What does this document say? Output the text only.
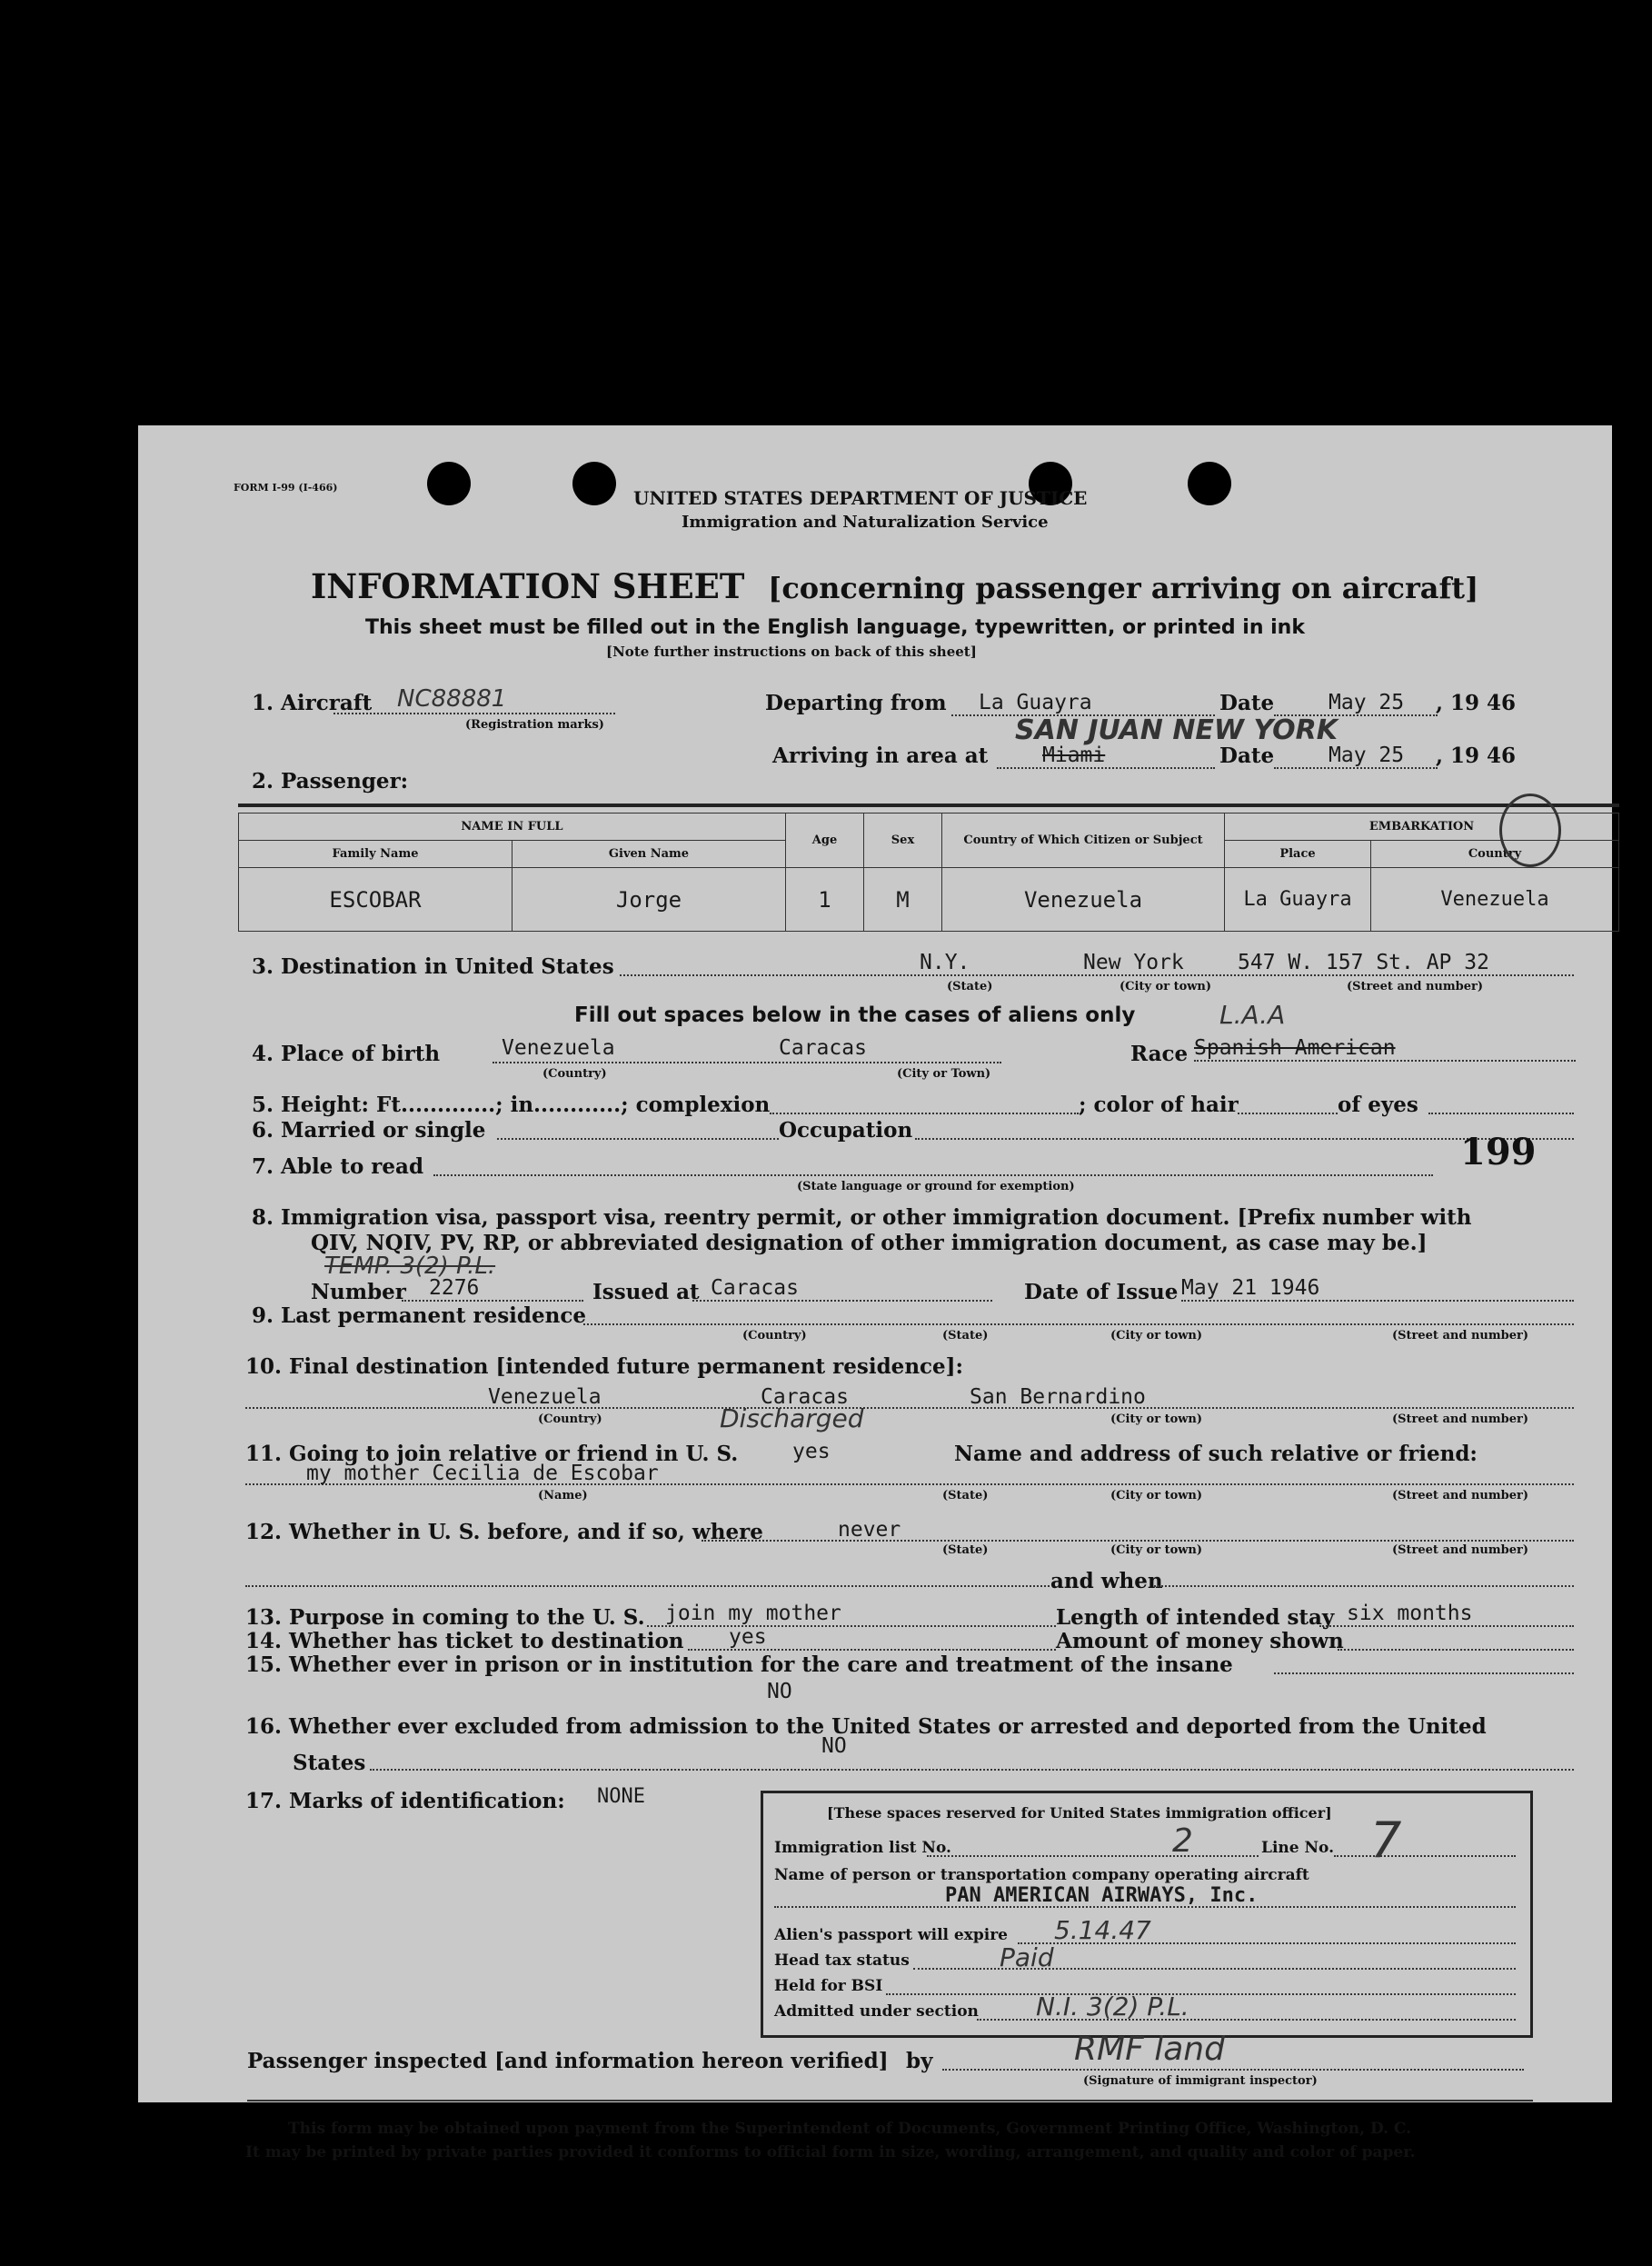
FORM I-99 (I-466)	UNITED STATES DEPARTMENT OF JUSTICE
Immigration and Naturalization Service
INFORMATION SHEET [concerning passenger arriving on aircraft]
This sheet must be filled out in the English language, typewritten, or printed in ink
[Note further instructions on back of this sheet]
1. Aircraft	NC88881
(Registration marks)
Departing from	La Guayra	Date	May 25	, 19 46
SAN JUAN NEW YORK
Arriving in area at	Miami	Date	May 25	, 19 46
2. Passenger:
NAME IN FULL		Age	Sex	Country of Which Citizen or Subject	EMBARKATION	
Family Name	Given Name				Place	Country
ESCOBAR	Jorge	1	M	Venezuela	La Guayra	Venezuela
3. Destination in United States	N.Y.	New York	547 W. 157 St. AP 32
(State)	(City or town)	(Street and number)
Fill out spaces below in the cases of aliens only	L.A.A
4. Place of birth	Venezuela	Caracas
(Country)	(City or Town)
Race Spanish American
5. Height: Ft.............; in............; complexion	; color of hair	of eyes
6. Married or single	Occupation
7. Able to read
(State language or ground for exemption)
199
8. Immigration visa, passport visa, reentry permit, or other immigration document. [Prefix number with
QIV, NQIV, PV, RP, or abbreviated designation of other immigration document, as case may be.]
TEMP. 3(2) P.L.
Number	2276	Issued at Caracas	Date of Issue May 21 1946
9. Last permanent residence
(Country)	(State)	(City or town)	(Street and number)
10. Final destination [intended future permanent residence]:
Venezuela	Caracas	San Bernardino
Discharged
(Country)	(City or town)	(Street and number)
11. Going to join relative or friend in U. S.	yes	Name and address of such relative or friend:
my mother Cecilia de Escobar
(Name)	(State)	(City or town)	(Street and number)
12. Whether in U. S. before, and if so, where	never
(State)	(City or town)	(Street and number)
and when
13. Purpose in coming to the U. S. join my mother	Length of intended stay six months
14. Whether has ticket to destination	yes	Amount of money shown
15. Whether ever in prison or in institution for the care and treatment of the insane
NO
16. Whether ever excluded from admission to the United States or arrested and deported from the United
States
NO
17. Marks of identification: NONE
[These spaces reserved for United States immigration officer]
Immigration list No.	2	Line No. 7
Name of person or transportation company operating aircraft
PAN AMERICAN AIRWAYS, Inc.
Alien's passport will expire 5.14.47
Head tax status	Paid
Held for BSI
Admitted under section N.I. 3(2) P.L.
Passenger inspected [and information hereon verified] by	RMF land
(Signature of immigrant inspector)
This form may be obtained upon payment from the Superintendent of Documents, Government Printing Office, Washington, D. C.
It may be printed by private parties provided it conforms to official form in size, wording, arrangement, and quality and color of paper.
